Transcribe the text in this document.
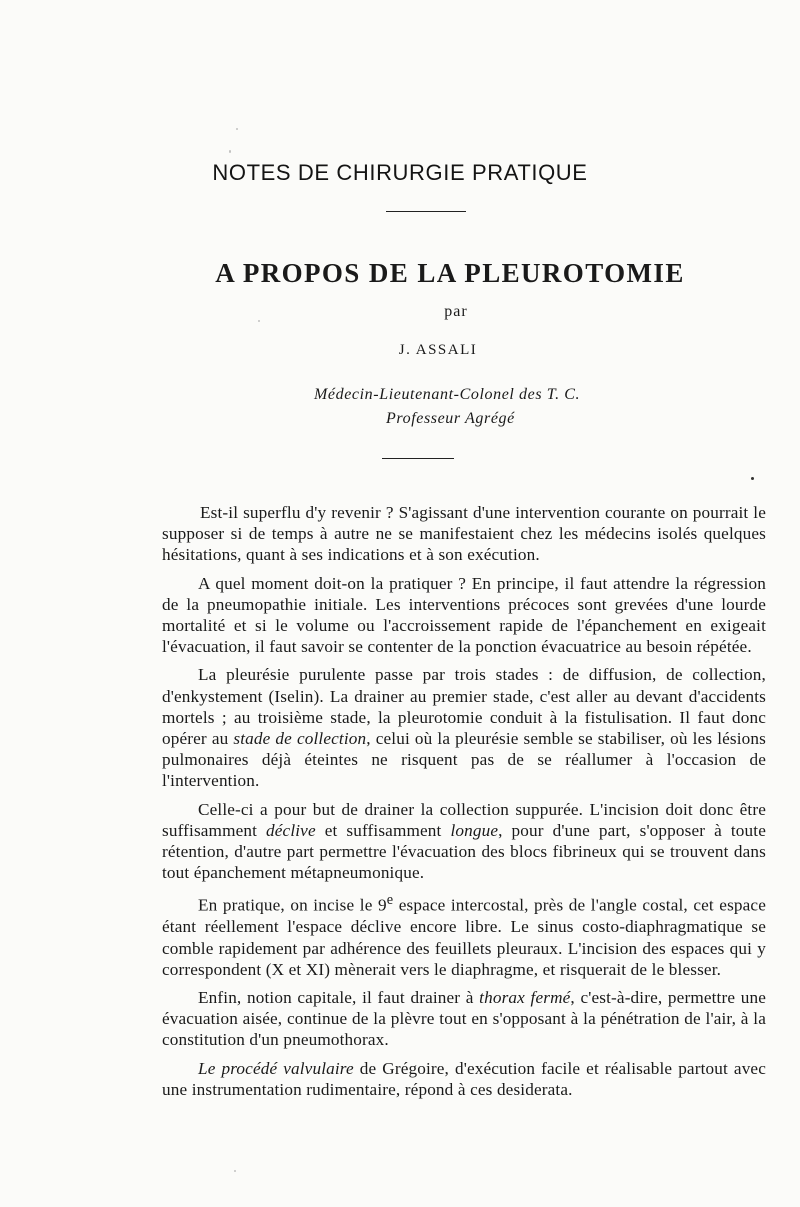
NOTES DE CHIRURGIE PRATIQUE
A PROPOS DE LA PLEUROTOMIE
par
J. ASSALI
Médecin-Lieutenant-Colonel des T. C.
Professeur Agrégé

Est-il superflu d'y revenir ? S'agissant d'une intervention courante on pourrait le supposer si de temps à autre ne se manifestaient chez les médecins isolés quelques hésitations, quant à ses indications et à son exécution.

A quel moment doit-on la pratiquer ? En principe, il faut attendre la régression de la pneumopathie initiale. Les interventions précoces sont grevées d'une lourde mortalité et si le volume ou l'accroissement rapide de l'épanchement en exigeait l'évacuation, il faut savoir se contenter de la ponction évacuatrice au besoin répétée.

La pleurésie purulente passe par trois stades : de diffusion, de collection, d'enkystement (Iselin). La drainer au premier stade, c'est aller au devant d'accidents mortels ; au troisième stade, la pleurotomie conduit à la fistulisation. Il faut donc opérer au stade de collection, celui où la pleurésie semble se stabiliser, où les lésions pulmonaires déjà éteintes ne risquent pas de se réallumer à l'occasion de l'intervention.

Celle-ci a pour but de drainer la collection suppurée. L'incision doit donc être suffisamment déclive et suffisamment longue, pour d'une part, s'opposer à toute rétention, d'autre part permettre l'évacuation des blocs fibrineux qui se trouvent dans tout épanchement métapneumonique.

En pratique, on incise le 9e espace intercostal, près de l'angle costal, cet espace étant réellement l'espace déclive encore libre. Le sinus costo-diaphragmatique se comble rapidement par adhérence des feuillets pleuraux. L'incision des espaces qui y correspondent (X et XI) mènerait vers le diaphragme, et risquerait de le blesser.

Enfin, notion capitale, il faut drainer à thorax fermé, c'est-à-dire, permettre une évacuation aisée, continue de la plèvre tout en s'opposant à la pénétration de l'air, à la constitution d'un pneumothorax.

Le procédé valvulaire de Grégoire, d'exécution facile et réalisable partout avec une instrumentation rudimentaire, répond à ces desiderata.
